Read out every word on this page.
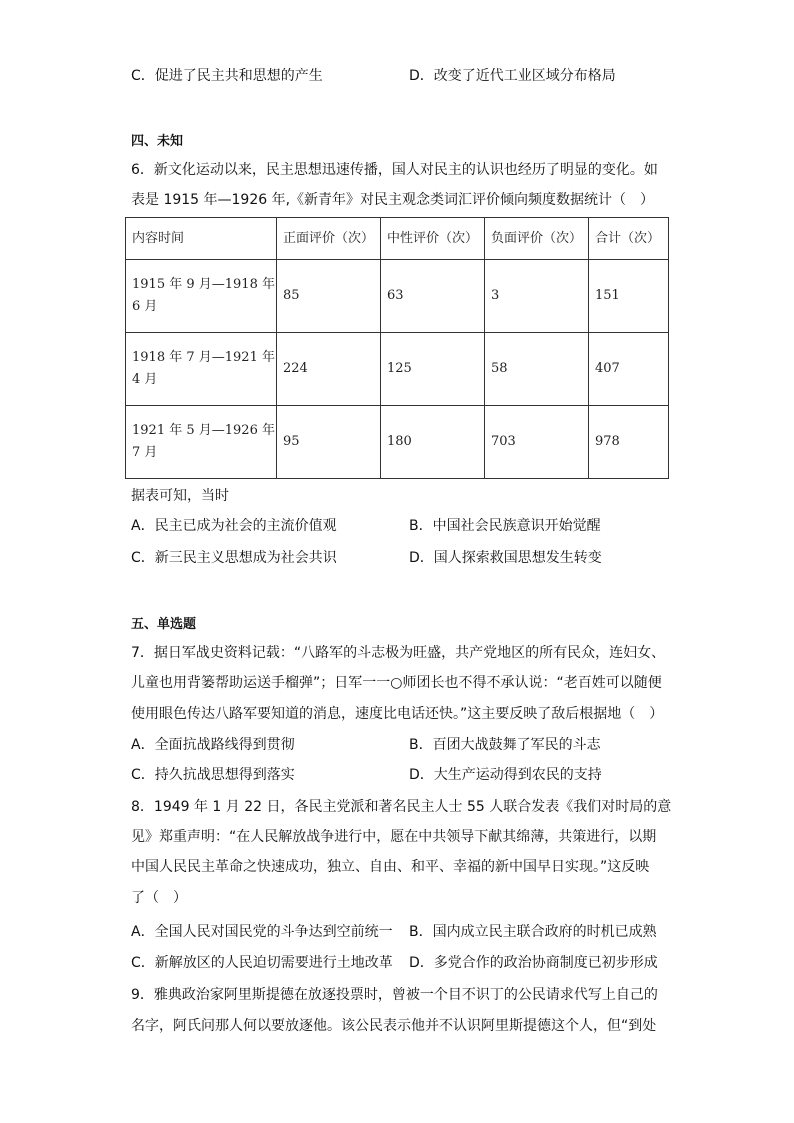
C．促进了民主共和思想的产生	D．改变了近代工业区域分布格局
四、未知
6．新文化运动以来，民主思想迅速传播，国人对民主的认识也经历了明显的变化。如
表是 1915 年—1926 年,《新青年》对民主观念类词汇评价倾向频度数据统计（　）
内容时间	正面评价（次）	中性评价（次）	负面评价（次）	合计（次）

1915 年 9 月—1918 年
6 月	85	63	3	151

1918 年 7 月—1921 年
4 月	224	125	58	407

1921 年 5 月—1926 年
7 月	95	180	703	978
据表可知，当时
A．民主已成为社会的主流价值观	B．中国社会民族意识开始觉醒
C．新三民主义思想成为社会共识	D．国人探索救国思想发生转变
五、单选题
7．据日军战史资料记载：“八路军的斗志极为旺盛，共产党地区的所有民众，连妇女、
儿童也用背篓帮助运送手榴弹”；日军一一○师团长也不得不承认说：“老百姓可以随便
使用眼色传达八路军要知道的消息，速度比电话还快。”这主要反映了敌后根据地（　）
A．全面抗战路线得到贯彻	B．百团大战鼓舞了军民的斗志
C．持久抗战思想得到落实	D．大生产运动得到农民的支持
8．1949 年 1 月 22 日，各民主党派和著名民主人士 55 人联合发表《我们对时局的意
见》郑重声明：“在人民解放战争进行中，愿在中共领导下献其绵薄，共策进行，以期
中国人民民主革命之快速成功，独立、自由、和平、幸福的新中国早日实现。”这反映
了（　）
A．全国人民对国民党的斗争达到空前统一 B．国内成立民主联合政府的时机已成熟
C．新解放区的人民迫切需要进行土地改革 D．多党合作的政治协商制度已初步形成
9．雅典政治家阿里斯提德在放逐投票时，曾被一个目不识丁的公民请求代写上自己的
名字，阿氏问那人何以要放逐他。该公民表示他并不认识阿里斯提德这个人，但“到处
